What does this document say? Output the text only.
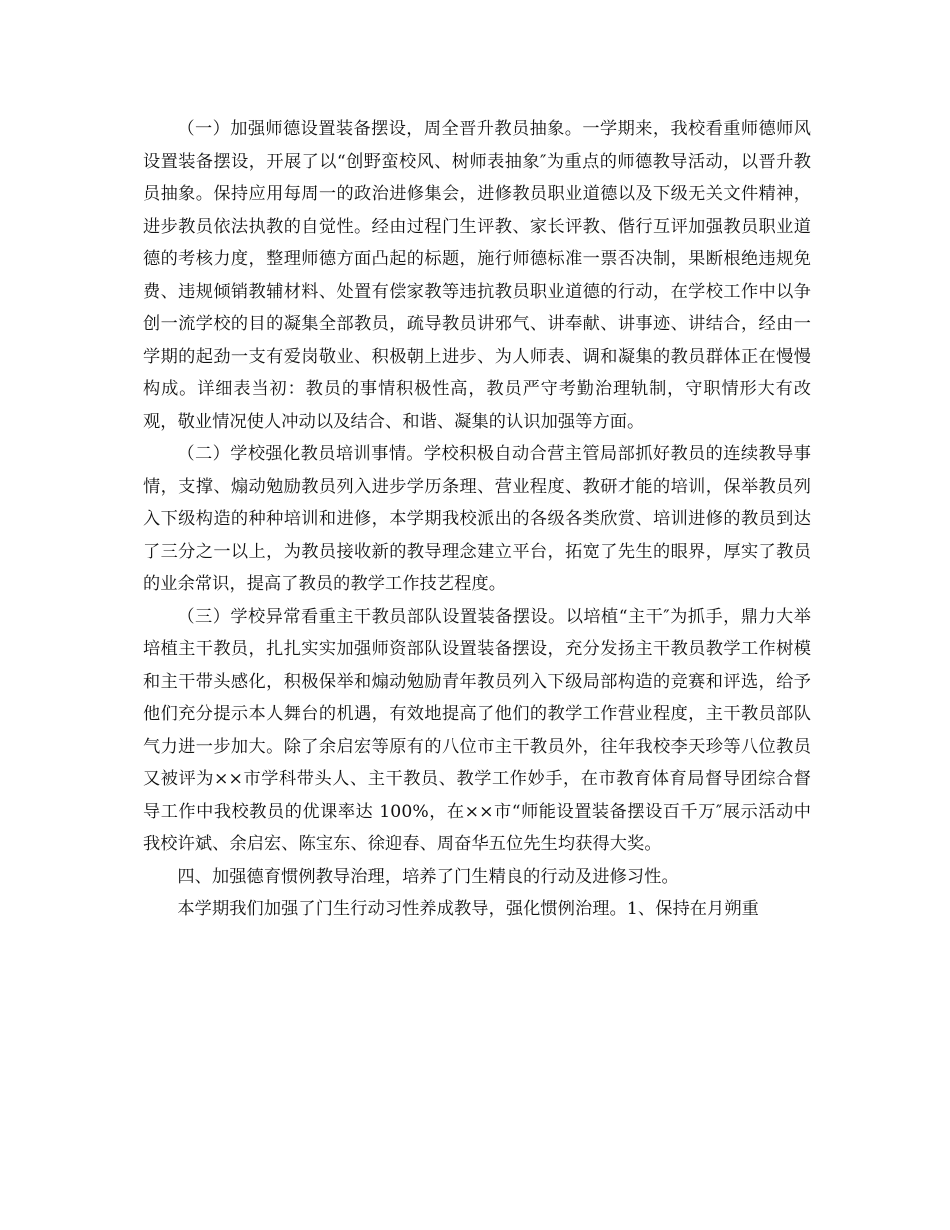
（一）加强师德设置装备摆设，周全晋升教员抽象。一学期来，我校看重师德师风设置装备摆设，开展了以“创野蛮校风、树师表抽象″为重点的师德教导活动，以晋升教员抽象。保持应用每周一的政治进修集会，进修教员职业道德以及下级无关文件精神，进步教员依法执教的自觉性。经由过程门生评教、家长评教、偕行互评加强教员职业道德的考核力度，整理师德方面凸起的标题，施行师德标准一票否决制，果断根绝违规免费、违规倾销教辅材料、处置有偿家教等违抗教员职业道德的行动，在学校工作中以争创一流学校的目的凝集全部教员，疏导教员讲邪气、讲奉献、讲事迹、讲结合，经由一学期的起劲一支有爱岗敬业、积极朝上进步、为人师表、调和凝集的教员群体正在慢慢构成。详细表当初：教员的事情积极性高，教员严守考勤治理轨制，守职情形大有改观，敬业情况使人冲动以及结合、和谐、凝集的认识加强等方面。

（二）学校强化教员培训事情。学校积极自动合营主管局部抓好教员的连续教导事情，支撑、煽动勉励教员列入进步学历条理、营业程度、教研才能的培训，保举教员列入下级构造的种种培训和进修，本学期我校派出的各级各类欣赏、培训进修的教员到达了三分之一以上，为教员接收新的教导理念建立平台，拓宽了先生的眼界，厚实了教员的业余常识，提高了教员的教学工作技艺程度。

（三）学校异常看重主干教员部队设置装备摆设。以培植“主干″为抓手，鼎力大举培植主干教员，扎扎实实加强师资部队设置装备摆设，充分发扬主干教员教学工作树模和主干带头感化，积极保举和煽动勉励青年教员列入下级局部构造的竞赛和评选，给予他们充分提示本人舞台的机遇，有效地提高了他们的教学工作营业程度，主干教员部队气力进一步加大。除了余启宏等原有的八位市主干教员外，往年我校李天珍等八位教员又被评为××市学科带头人、主干教员、教学工作妙手，在市教育体育局督导团综合督导工作中我校教员的优课率达 100%，在××市“师能设置装备摆设百千万″展示活动中我校许斌、余启宏、陈宝东、徐迎春、周奋华五位先生均获得大奖。

四、加强德育惯例教导治理，培养了门生精良的行动及进修习性。

本学期我们加强了门生行动习性养成教导，强化惯例治理。1、保持在月朔重
